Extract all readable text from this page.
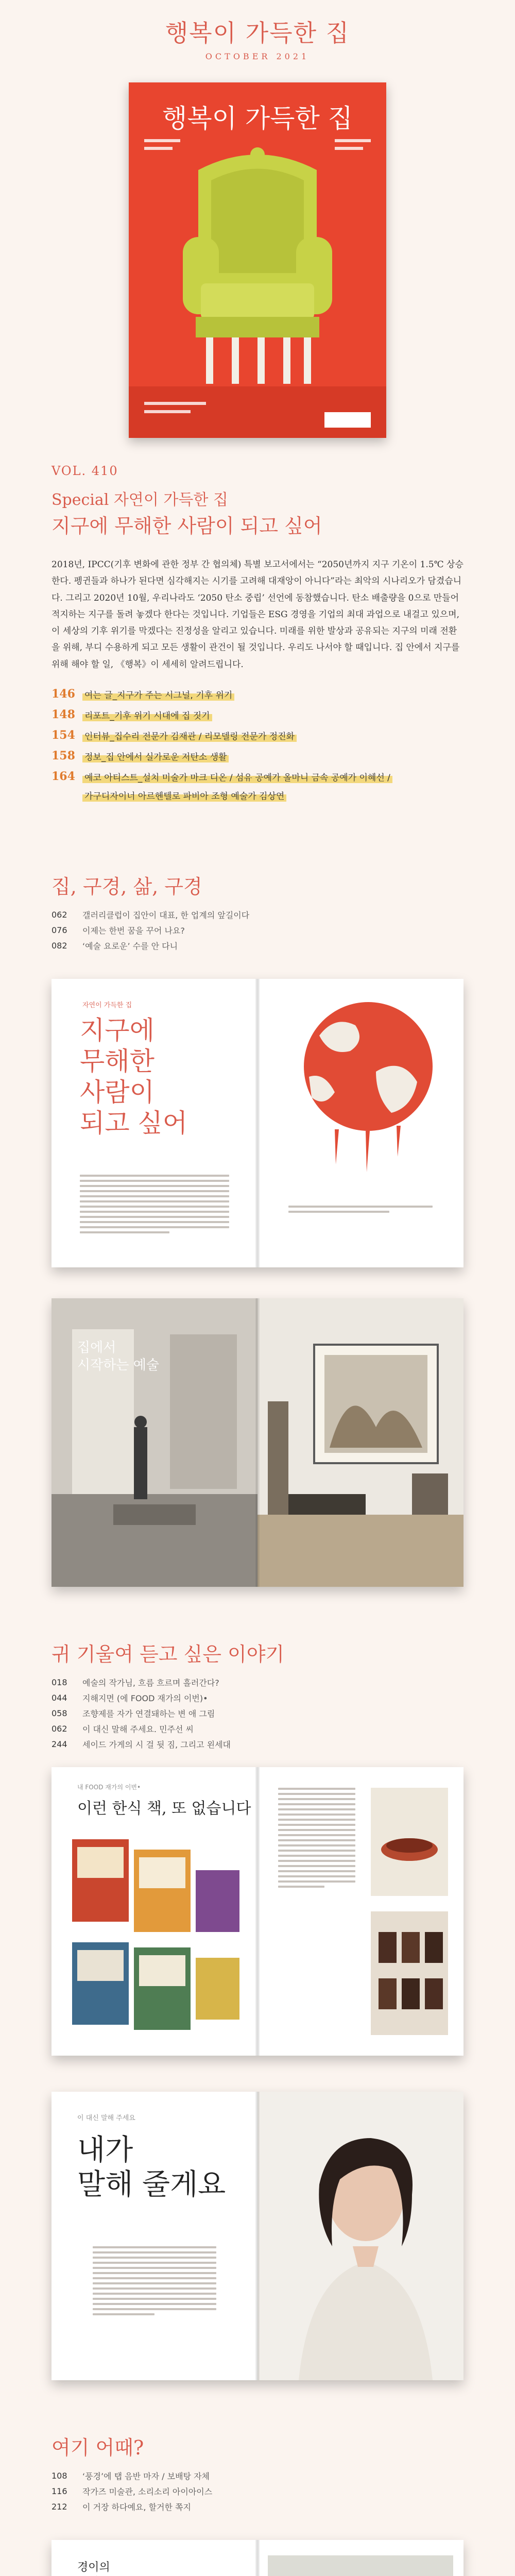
행복이 가득한 집
OCTOBER 2021
행복이 가득한 집
VOL. 410
Special 자연이 가득한 집
지구에 무해한 사람이 되고 싶어
2018년, IPCC(기후 변화에 관한 정부 간 협의체) 특별 보고서에서는 “2050년까지 지구 기온이 1.5℃ 상승한다. 펭귄들과 하나가 된다면 심각해지는 시기를 고려해 대재앙이 아니다”라는 최악의 시나리오가 담겼습니다. 그리고 2020년 10월, 우리나라도 ‘2050 탄소 중립’ 선언에 동참했습니다. 탄소 배출량을 0으로 만들어 적지하는 지구를 돌려 놓겠다 한다는 것입니다. 기업들은 ESG 경영을 기업의 최대 과업으로 내걸고 있으며, 이 세상의 기후 위기를 막겠다는 진정성을 알리고 있습니다. 미래를 위한 발상과 공유되는 지구의 미래 전환을 위해, 부디 수용하게 되고 모든 생활이 관건이 될 것입니다. 우리도 나서야 할 때입니다. 집 안에서 지구를 위해 해야 할 일, 《행복》이 세세히 알려드립니다.
146	여는 글_지구가 주는 시그널, 기후 위기
148	리포트_기후 위기 시대에 집 짓기
154	인터뷰_집수리 전문가 김재관 / 리모델링 전문가 정진화
158	정보_집 안에서 실가로운 저탄소 생활
164	예코 아티스트_설치 미술가 마크 디온 / 섬유 공예가 올마니 금속 공예가 이혜선 /
가구디자이너 아르헨텔로 파비아 조형 예술가 김상연
집, 구경, 삶, 구경
062	갤러리클럽이 집안이 대표, 한 업계의 앞길이다
076	이제는 한번 꿈을 꾸어 나요?
082	‘예술 요로운’ 수를 안 다니
자연이 가득한 집
지구에
무해한
사람이
되고 싶어
집에서
시작하는 예술
귀 기울여 듣고 싶은 이야기
018	예술의 작가님, 흐름 흐르며 흘러간다?
044	지해지면 (에 FOOD 재가의 이번)•
058	조향제를 자가 연결돼하는 변 애 그림
062	이 대신 말해 주세요. 민주선 씨
244	세이드 가게의 시 걸 뒷 짐, 그리고 왼세대
내 FOOD 재가의 이번•
이런 한식 책, 또 없습니다
이 대신 말해 주세요
내가
말해 줄게요
여기 어때?
108	‘풍경’에 탭 음반 마자 / 보배탕 자체
116	작가즈 미술관, 소리소리 아이아이스
212	이 거장 하다예요, 할거한 쪽지
경이의
